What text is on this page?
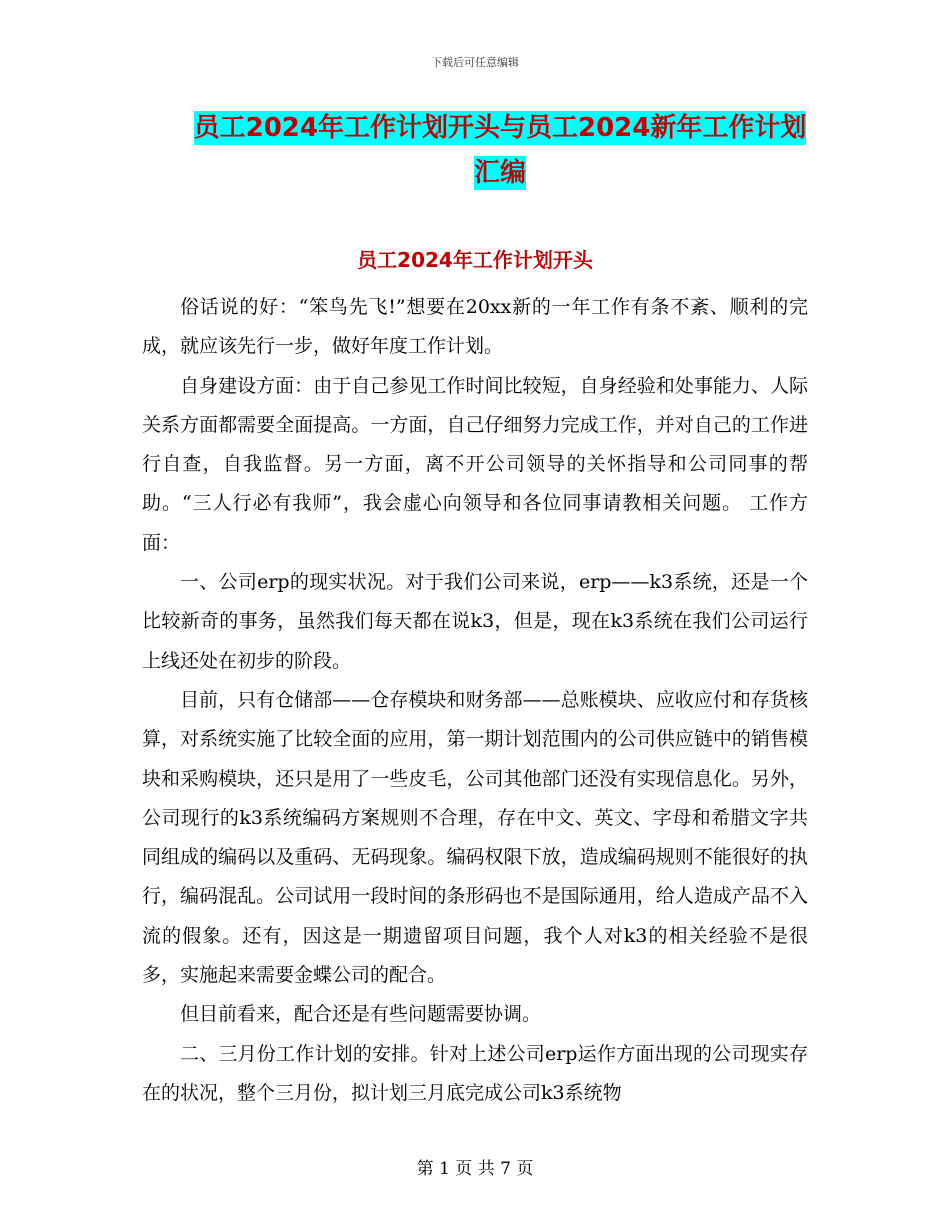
下载后可任意编辑
员工2024年工作计划开头与员工2024新年工作计划
汇编
员工2024年工作计划开头

俗话说的好：“笨鸟先飞!”想要在20xx新的一年工作有条不紊、顺利的完成，就应该先行一步，做好年度工作计划。

自身建设方面：由于自己参见工作时间比较短，自身经验和处事能力、人际关系方面都需要全面提高。一方面，自己仔细努力完成工作，并对自己的工作进行自查，自我监督。另一方面，离不开公司领导的关怀指导和公司同事的帮助。“三人行必有我师”，我会虚心向领导和各位同事请教相关问题。 工作方面：

一、公司erp的现实状况。对于我们公司来说，erp——k3系统，还是一个比较新奇的事务，虽然我们每天都在说k3，但是，现在k3系统在我们公司运行上线还处在初步的阶段。

目前，只有仓储部——仓存模块和财务部——总账模块、应收应付和存货核算，对系统实施了比较全面的应用，第一期计划范围内的公司供应链中的销售模块和采购模块，还只是用了一些皮毛，公司其他部门还没有实现信息化。另外，公司现行的k3系统编码方案规则不合理，存在中文、英文、字母和希腊文字共同组成的编码以及重码、无码现象。编码权限下放，造成编码规则不能很好的执行，编码混乱。公司试用一段时间的条形码也不是国际通用，给人造成产品不入流的假象。还有，因这是一期遗留项目问题，我个人对k3的相关经验不是很多，实施起来需要金蝶公司的配合。

但目前看来，配合还是有些问题需要协调。

二、三月份工作计划的安排。针对上述公司erp运作方面出现的公司现实存在的状况，整个三月份，拟计划三月底完成公司k3系统物

第 1 页 共 7 页
